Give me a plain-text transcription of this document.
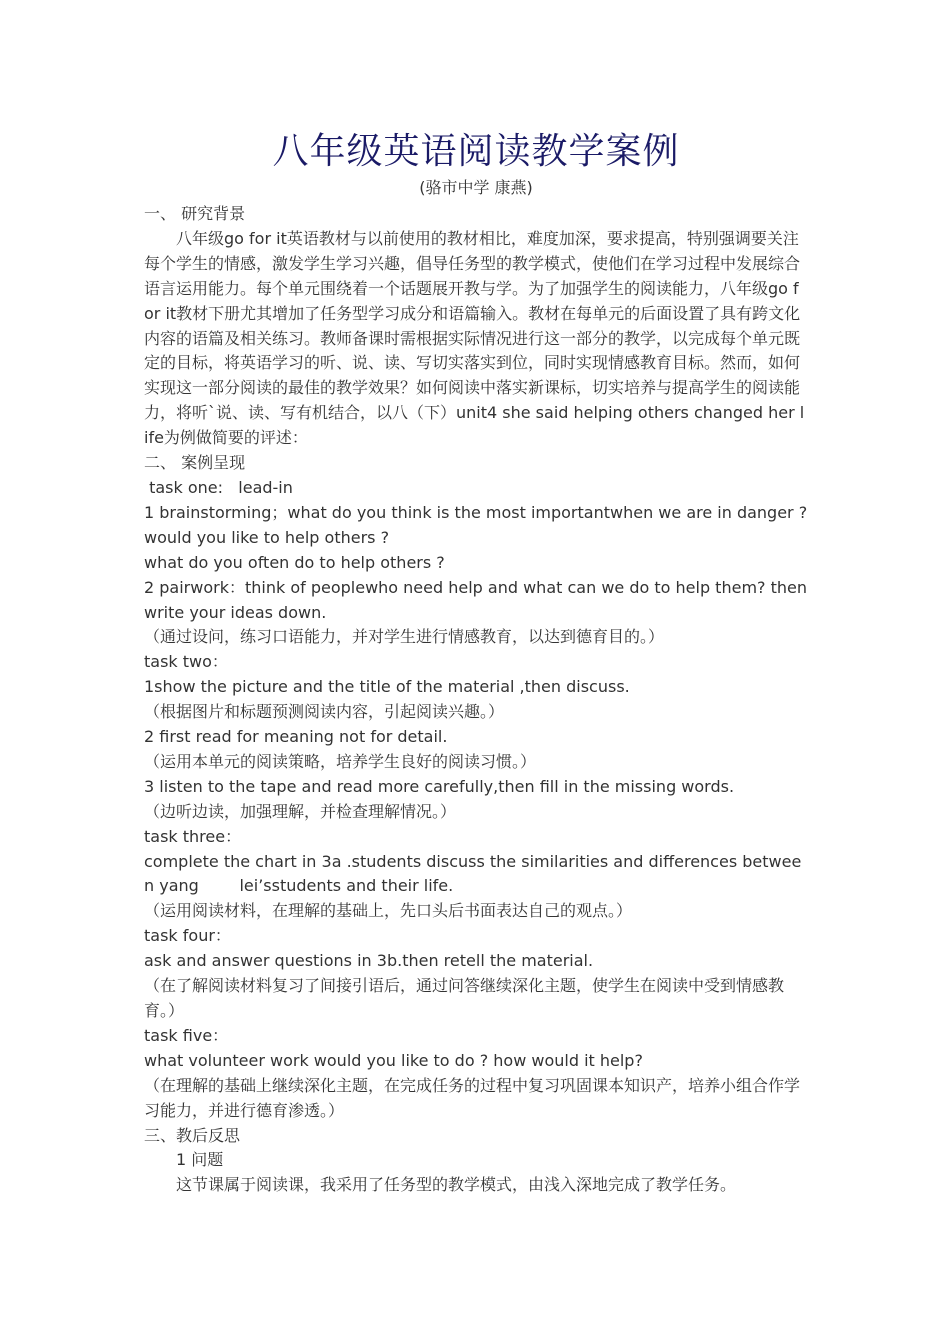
八年级英语阅读教学案例

(骆市中学 康燕)

一、 研究背景

八年级go for it英语教材与以前使用的教材相比，难度加深，要求提高，特别强调要关注每个学生的情感，激发学生学习兴趣，倡导任务型的教学模式，使他们在学习过程中发展综合语言运用能力。每个单元围绕着一个话题展开教与学。为了加强学生的阅读能力，八年级go for it教材下册尤其增加了任务型学习成分和语篇输入。教材在每单元的后面设置了具有跨文化内容的语篇及相关练习。教师备课时需根据实际情况进行这一部分的教学，以完成每个单元既定的目标，将英语学习的听、说、读、写切实落实到位，同时实现情感教育目标。然而，如何实现这一部分阅读的最佳的教学效果？如何阅读中落实新课标，切实培养与提高学生的阅读能力，将听`说、读、写有机结合，以八（下）unit4 she said helping others changed her life为例做简要的评述：

二、 案例呈现

task one:   lead-in

1 brainstorming；what do you think is the most importantwhen we are in danger ?

would you like to help others ?

what do you often do to help others ?

2 pairwork：think of peoplewho need help and what can we do to help them? then write your ideas down.

（通过设问，练习口语能力，并对学生进行情感教育，以达到德育目的。）

task two：

1show the picture and the title of the material ,then discuss.

（根据图片和标题预测阅读内容，引起阅读兴趣。）

2 first read for meaning not for detail.

（运用本单元的阅读策略，培养学生良好的阅读习惯。）

3 listen to the tape and read more carefully,then fill in the missing words.

（边听边读，加强理解，并检查理解情况。）

task three：

complete the chart in 3a .students discuss the similarities and differences between yang        lei’sstudents and their life.

（运用阅读材料，在理解的基础上，先口头后书面表达自己的观点。）

task four：

ask and answer questions in 3b.then retell the material.

（在了解阅读材料复习了间接引语后，通过问答继续深化主题，使学生在阅读中受到情感教育。）

task five：

what volunteer work would you like to do ? how would it help?

（在理解的基础上继续深化主题，在完成任务的过程中复习巩固课本知识产，培养小组合作学习能力，并进行德育渗透。）

三、教后反思

1 问题

这节课属于阅读课，我采用了任务型的教学模式，由浅入深地完成了教学任务。
